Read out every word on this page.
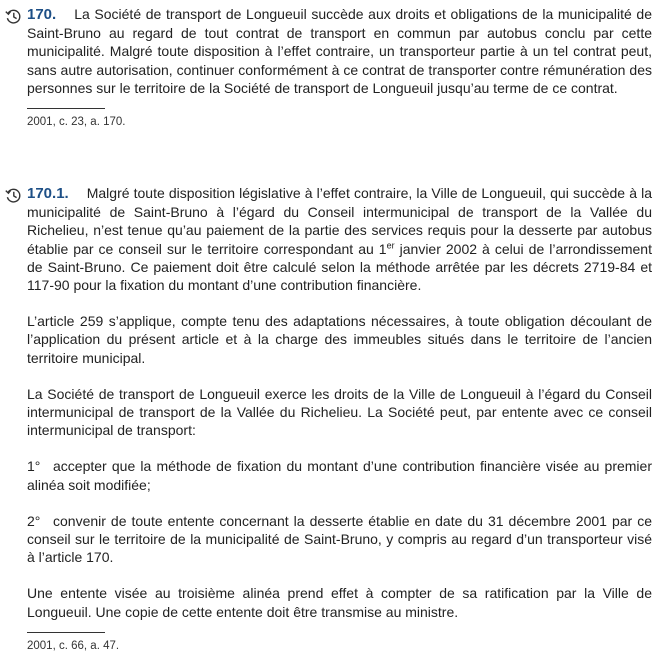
170. La Société de transport de Longueuil succède aux droits et obligations de la municipalité de Saint-Bruno au regard de tout contrat de transport en commun par autobus conclu par cette municipalité. Malgré toute disposition à l’effet contraire, un transporteur partie à un tel contrat peut, sans autre autorisation, continuer conformément à ce contrat de transporter contre rémunération des personnes sur le territoire de la Société de transport de Longueuil jusqu’au terme de ce contrat.

2001, c. 23, a. 170.

170.1. Malgré toute disposition législative à l’effet contraire, la Ville de Longueuil, qui succède à la municipalité de Saint-Bruno à l’égard du Conseil intermunicipal de transport de la Vallée du Richelieu, n’est tenue qu’au paiement de la partie des services requis pour la desserte par autobus établie par ce conseil sur le territoire correspondant au 1er janvier 2002 à celui de l’arrondissement de Saint-Bruno. Ce paiement doit être calculé selon la méthode arrêtée par les décrets 2719-84 et 117-90 pour la fixation du montant d’une contribution financière.

L’article 259 s’applique, compte tenu des adaptations nécessaires, à toute obligation découlant de l’application du présent article et à la charge des immeubles situés dans le territoire de l’ancien territoire municipal.

La Société de transport de Longueuil exerce les droits de la Ville de Longueuil à l’égard du Conseil intermunicipal de transport de la Vallée du Richelieu. La Société peut, par entente avec ce conseil intermunicipal de transport:

1° accepter que la méthode de fixation du montant d’une contribution financière visée au premier alinéa soit modifiée;

2° convenir de toute entente concernant la desserte établie en date du 31 décembre 2001 par ce conseil sur le territoire de la municipalité de Saint-Bruno, y compris au regard d’un transporteur visé à l’article 170.

Une entente visée au troisième alinéa prend effet à compter de sa ratification par la Ville de Longueuil. Une copie de cette entente doit être transmise au ministre.

2001, c. 66, a. 47.
